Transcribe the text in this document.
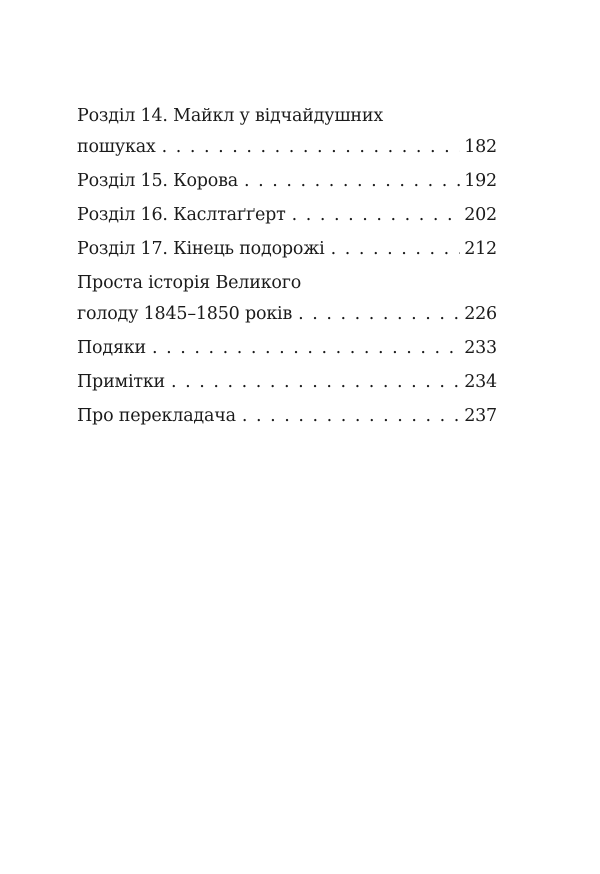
Розділ 14. Майкл у відчайдушних
пошуках . . .	182
Розділ 15. Корова . . .	192
Розділ 16. Каслтаґґерт . . .	202
Розділ 17. Кінець подорожі . . .	212
Проста історія Великого
голоду 1845–1850 років . . .	226
Подяки . . .	233
Примітки . . .	234
Про перекладача . . .	237
